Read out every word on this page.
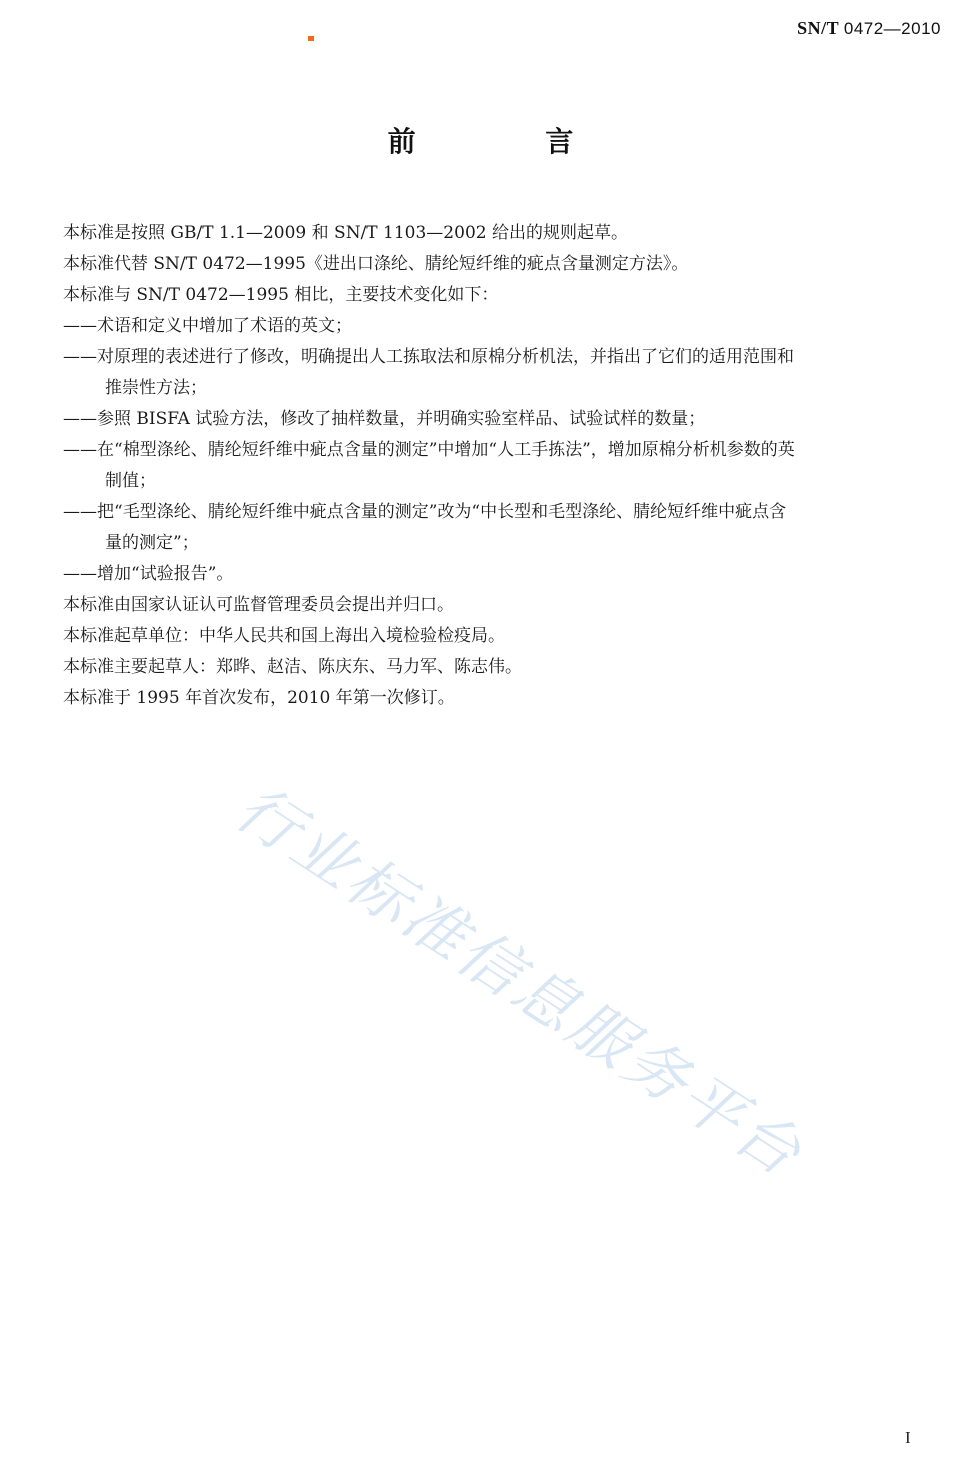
SN/T 0472—2010
前 言

本标准是按照 GB/T 1.1—2009 和 SN/T 1103—2002 给出的规则起草。

本标准代替 SN/T 0472—1995《进出口涤纶、腈纶短纤维的疵点含量测定方法》。

本标准与 SN/T 0472—1995 相比，主要技术变化如下：

——术语和定义中增加了术语的英文；
——对原理的表述进行了修改，明确提出人工拣取法和原棉分析机法，并指出了它们的适用范围和
推崇性方法；
——参照 BISFA 试验方法，修改了抽样数量，并明确实验室样品、试验试样的数量；
——在“棉型涤纶、腈纶短纤维中疵点含量的测定”中增加“人工手拣法”，增加原棉分析机参数的英
制值；
——把“毛型涤纶、腈纶短纤维中疵点含量的测定”改为“中长型和毛型涤纶、腈纶短纤维中疵点含
量的测定”；
——增加“试验报告”。

本标准由国家认证认可监督管理委员会提出并归口。

本标准起草单位：中华人民共和国上海出入境检验检疫局。

本标准主要起草人：郑晔、赵洁、陈庆东、马力军、陈志伟。

本标准于 1995 年首次发布，2010 年第一次修订。

行业标准信息服务平台
I
